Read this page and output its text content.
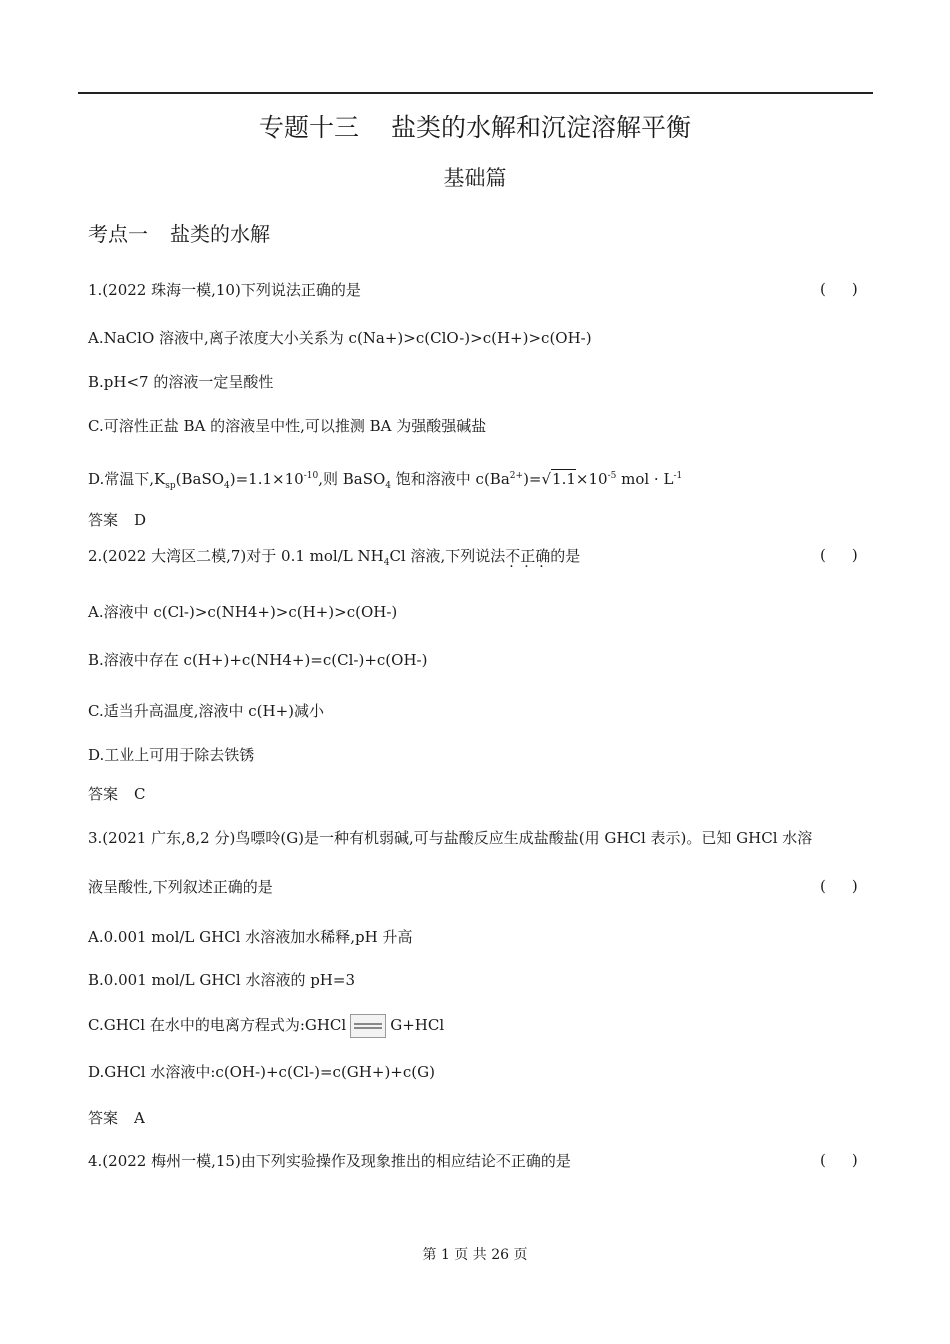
专题十三 盐类的水解和沉淀溶解平衡
基础篇
考点一 盐类的水解
1.(2022 珠海一模,10)下列说法正确的是	( )
A.NaClO 溶液中,离子浓度大小关系为 c(Na+)>c(ClO-)>c(H+)>c(OH-)
B.pH<7 的溶液一定呈酸性
C.可溶性正盐 BA 的溶液呈中性,可以推测 BA 为强酸强碱盐
D.常温下$,K_{sp}(BaSO_4)=1.1\times 10^{-10}$,则 BaSO$_4$ 饱和溶液中 $c(Ba^{2+})=√1.1\times 10^{-5}$ mol · $L^{-1}$
答案 D
2.(2022 大湾区二模,7)对于 0.1 mol/L $NH_4Cl$ 溶液,下列说法不正确的是	( )
A.溶液中 c(Cl-)>c(NH4+)>c(H+)>c(OH-)
B.溶液中存在 c(H+)+c(NH4+)=c(Cl-)+c(OH-)
C.适当升高温度,溶液中 c(H+)减小
D.工业上可用于除去铁锈
答案 C
3.(2021 广东,8,2 分)鸟嘌呤(G)是一种有机弱碱,可与盐酸反应生成盐酸盐(用 GHCl 表示)。已知 GHCl 水溶
液呈酸性,下列叙述正确的是	( )
A.0.001 mol/L GHCl 水溶液加水稀释,pH 升高
B.0.001 mol/L GHCl 水溶液的 pH=3
C.GHCl 在水中的电离方程式为:GHCl	G+HCl
D.GHCl 水溶液中:c(OH-)+c(Cl-)=c(GH+)+c(G)
答案 A
4.(2022 梅州一模,15)由下列实验操作及现象推出的相应结论不正确的是	( )
第 1 页 共 26 页
